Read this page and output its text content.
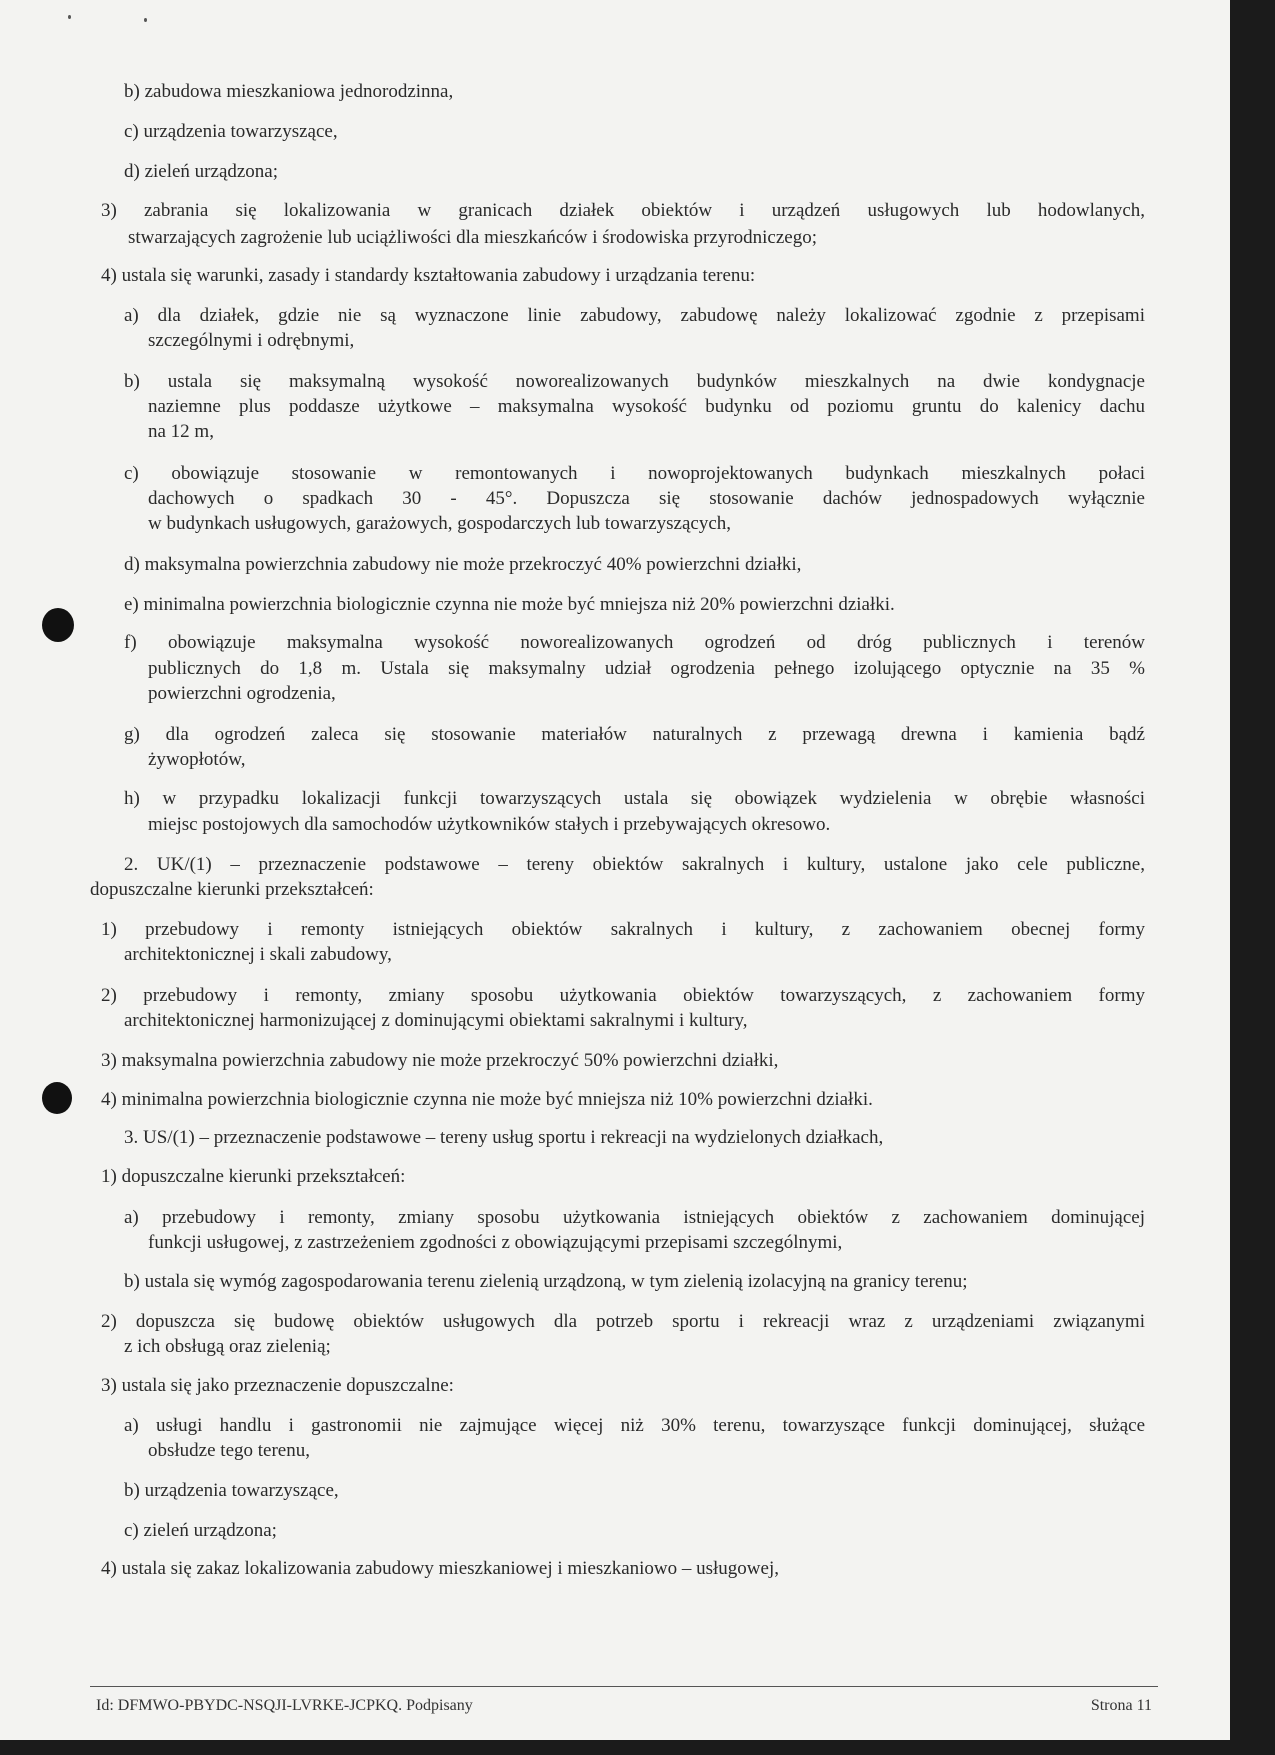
b) zabudowa mieszkaniowa jednorodzinna,
c) urządzenia towarzyszące,
d) zieleń urządzona;
3) zabrania się lokalizowania w granicach działek obiektów i urządzeń usługowych lub hodowlanych,
stwarzających zagrożenie lub uciążliwości dla mieszkańców i środowiska przyrodniczego;
4) ustala się warunki, zasady i standardy kształtowania zabudowy i urządzania terenu:
a) dla działek, gdzie nie są wyznaczone linie zabudowy, zabudowę należy lokalizować zgodnie z przepisami
szczególnymi i odrębnymi,
b) ustala się maksymalną wysokość noworealizowanych budynków mieszkalnych na dwie kondygnacje
naziemne plus poddasze użytkowe – maksymalna wysokość budynku od poziomu gruntu do kalenicy dachu
na 12 m,
c) obowiązuje stosowanie w remontowanych i nowoprojektowanych budynkach mieszkalnych połaci
dachowych o spadkach 30 - 45°. Dopuszcza się stosowanie dachów jednospadowych wyłącznie
w budynkach usługowych, garażowych, gospodarczych lub towarzyszących,
d) maksymalna powierzchnia zabudowy nie może przekroczyć 40% powierzchni działki,
e) minimalna powierzchnia biologicznie czynna nie może być mniejsza niż 20% powierzchni działki.
f) obowiązuje maksymalna wysokość noworealizowanych ogrodzeń od dróg publicznych i terenów
publicznych do 1,8 m. Ustala się maksymalny udział ogrodzenia pełnego izolującego optycznie na 35 %
powierzchni ogrodzenia,
g) dla ogrodzeń zaleca się stosowanie materiałów naturalnych z przewagą drewna i kamienia bądź
żywopłotów,
h) w przypadku lokalizacji funkcji towarzyszących ustala się obowiązek wydzielenia w obrębie własności
miejsc postojowych dla samochodów użytkowników stałych i przebywających okresowo.
2. UK/(1) – przeznaczenie podstawowe – tereny obiektów sakralnych i kultury, ustalone jako cele publiczne,
dopuszczalne kierunki przekształceń:
1) przebudowy i remonty istniejących obiektów sakralnych i kultury, z zachowaniem obecnej formy
architektonicznej i skali zabudowy,
2) przebudowy i remonty, zmiany sposobu użytkowania obiektów towarzyszących, z zachowaniem formy
architektonicznej harmonizującej z dominującymi obiektami sakralnymi i kultury,
3) maksymalna powierzchnia zabudowy nie może przekroczyć 50% powierzchni działki,
4) minimalna powierzchnia biologicznie czynna nie może być mniejsza niż 10% powierzchni działki.
3. US/(1) – przeznaczenie podstawowe – tereny usług sportu i rekreacji na wydzielonych działkach,
1) dopuszczalne kierunki przekształceń:
a) przebudowy i remonty, zmiany sposobu użytkowania istniejących obiektów z zachowaniem dominującej
funkcji usługowej, z zastrzeżeniem zgodności z obowiązującymi przepisami szczególnymi,
b) ustala się wymóg zagospodarowania terenu zielenią urządzoną, w tym zielenią izolacyjną na granicy terenu;
2) dopuszcza się budowę obiektów usługowych dla potrzeb sportu i rekreacji wraz z urządzeniami związanymi
z ich obsługą oraz zielenią;
3) ustala się jako przeznaczenie dopuszczalne:
a) usługi handlu i gastronomii nie zajmujące więcej niż 30% terenu, towarzyszące funkcji dominującej, służące
obsłudze tego terenu,
b) urządzenia towarzyszące,
c) zieleń urządzona;
4) ustala się zakaz lokalizowania zabudowy mieszkaniowej i mieszkaniowo – usługowej,
Id: DFMWO-PBYDC-NSQJI-LVRKE-JCPKQ. Podpisany	Strona 11
